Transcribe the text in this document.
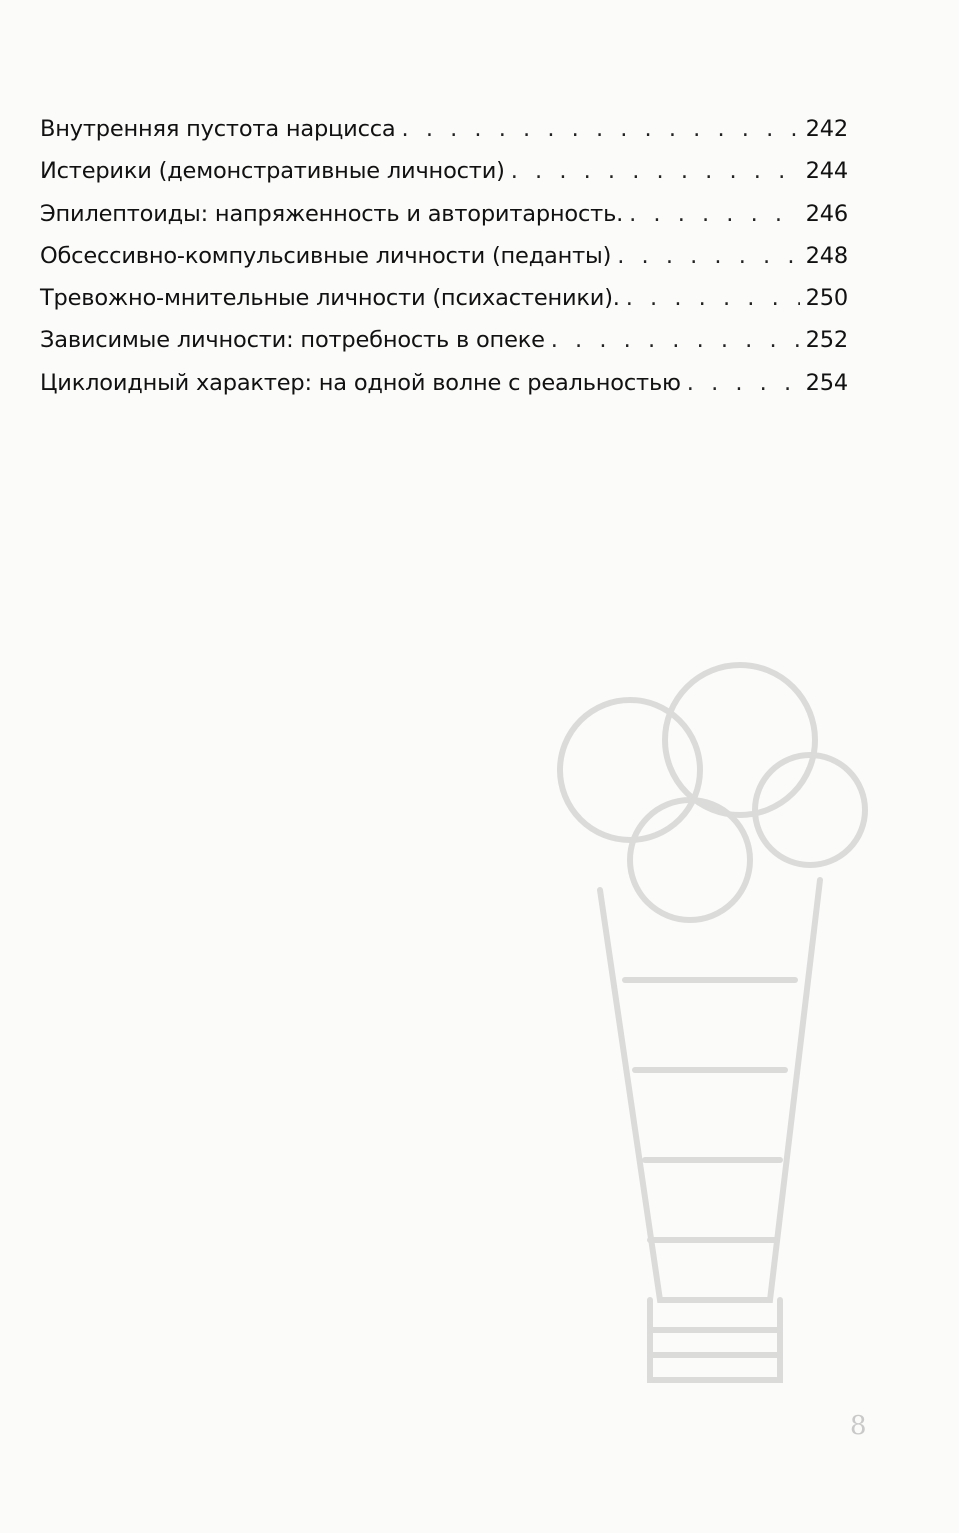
Внутренняя пустота нарцисса . . .	242
Истерики (демонстративные личности) . . .	244
Эпилептоиды: напряженность и авторитарность. . . .	246
Обсессивно-компульсивные личности (педанты) . . .	248
Тревожно-мнительные личности (психастеники). . . .	250
Зависимые личности: потребность в опеке . . .	252
Циклоидный характер: на одной волне с реальностью . . .	254
8
